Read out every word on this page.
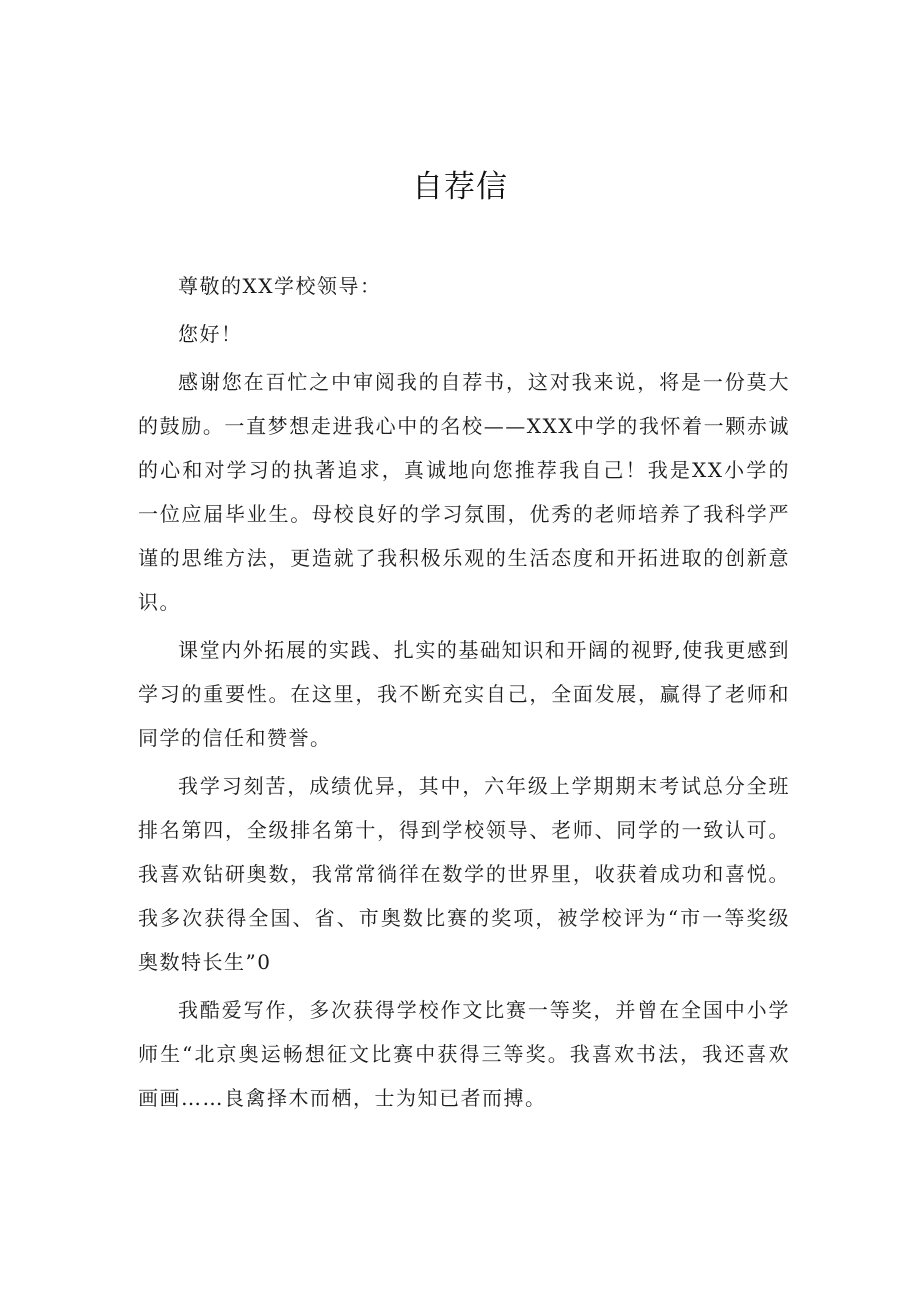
自荐信

尊敬的XX学校领导：

您好！

感谢您在百忙之中审阅我的自荐书，这对我来说，将是一份莫大的鼓励。一直梦想走进我心中的名校——XXX中学的我怀着一颗赤诚的心和对学习的执著追求，真诚地向您推荐我自己！我是XX小学的一位应届毕业生。母校良好的学习氛围，优秀的老师培养了我科学严谨的思维方法，更造就了我积极乐观的生活态度和开拓进取的创新意识。

课堂内外拓展的实践、扎实的基础知识和开阔的视野,使我更感到学习的重要性。在这里，我不断充实自己，全面发展，赢得了老师和同学的信任和赞誉。

我学习刻苦，成绩优异，其中，六年级上学期期末考试总分全班排名第四，全级排名第十，得到学校领导、老师、同学的一致认可。我喜欢钻研奥数，我常常徜徉在数学的世界里，收获着成功和喜悦。我多次获得全国、省、市奥数比赛的奖项，被学校评为“市一等奖级奥数特长生”0

我酷爱写作，多次获得学校作文比赛一等奖，并曾在全国中小学师生“北京奥运畅想征文比赛中获得三等奖。我喜欢书法，我还喜欢画画……良禽择木而栖，士为知已者而搏。
